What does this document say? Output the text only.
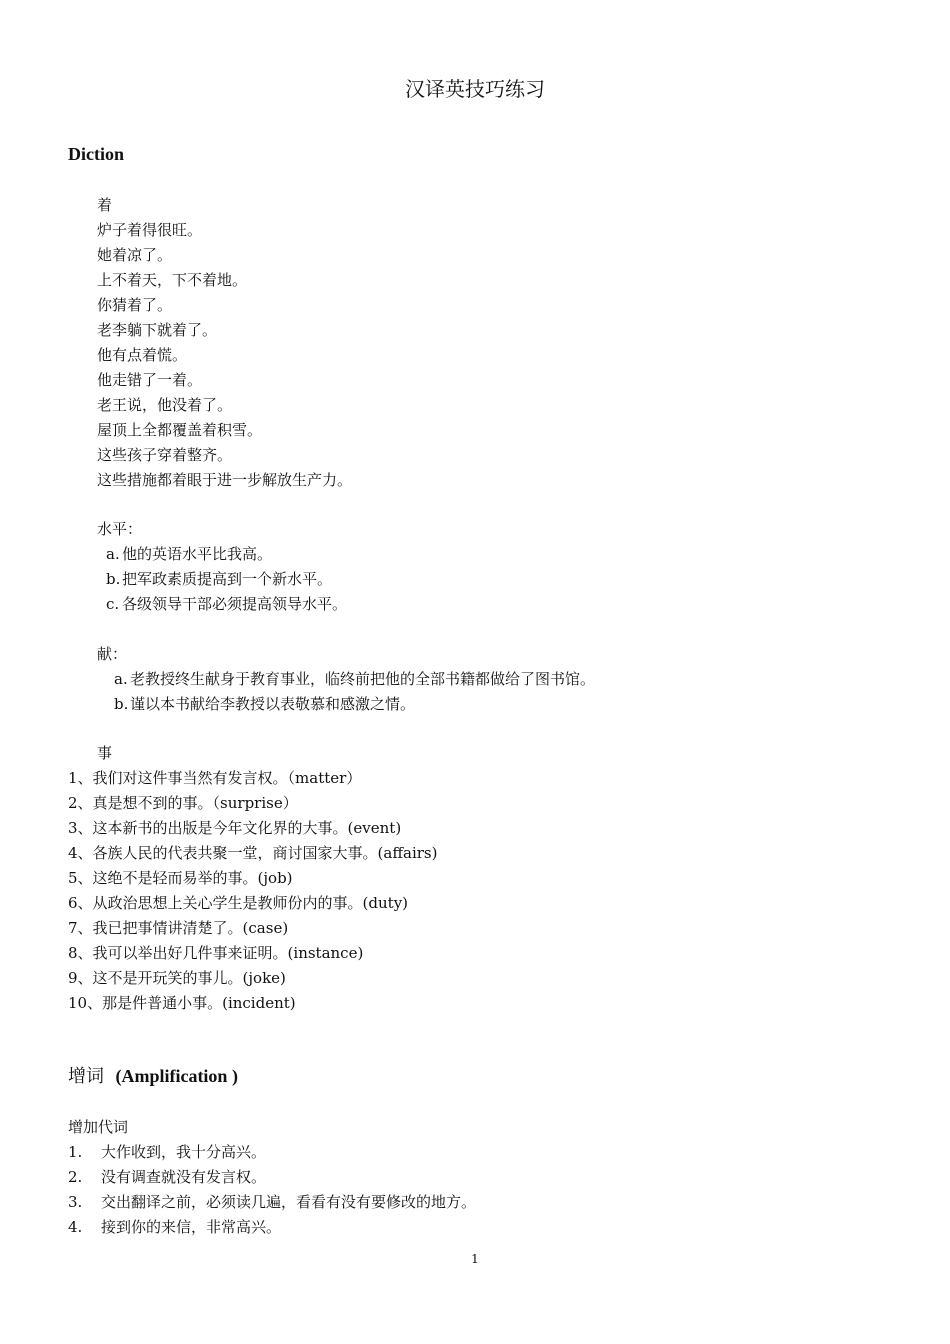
汉译英技巧练习
Diction
着
炉子着得很旺。
她着凉了。
上不着天，下不着地。
你猜着了。
老李躺下就着了。
他有点着慌。
他走错了一着。
老王说，他没着了。
屋顶上全都覆盖着积雪。
这些孩子穿着整齐。
这些措施都着眼于进一步解放生产力。
水平：
a. 他的英语水平比我高。
b. 把军政素质提高到一个新水平。
c. 各级领导干部必须提高领导水平。
献：
a. 老教授终生献身于教育事业，临终前把他的全部书籍都做给了图书馆。
b. 谨以本书献给李教授以表敬慕和感激之情。
事
1、我们对这件事当然有发言权。（matter）
2、真是想不到的事。（surprise）
3、这本新书的出版是今年文化界的大事。(event)
4、各族人民的代表共聚一堂，商讨国家大事。(affairs)
5、这绝不是轻而易举的事。(job)
6、从政治思想上关心学生是教师份内的事。(duty)
7、我已把事情讲清楚了。(case)
8、我可以举出好几件事来证明。(instance)
9、这不是开玩笑的事儿。(joke)
10、那是件普通小事。(incident)
增词 (Amplification )
增加代词
1. 大作收到，我十分高兴。
2. 没有调查就没有发言权。
3. 交出翻译之前，必须读几遍，看看有没有要修改的地方。
4. 接到你的来信，非常高兴。
1
